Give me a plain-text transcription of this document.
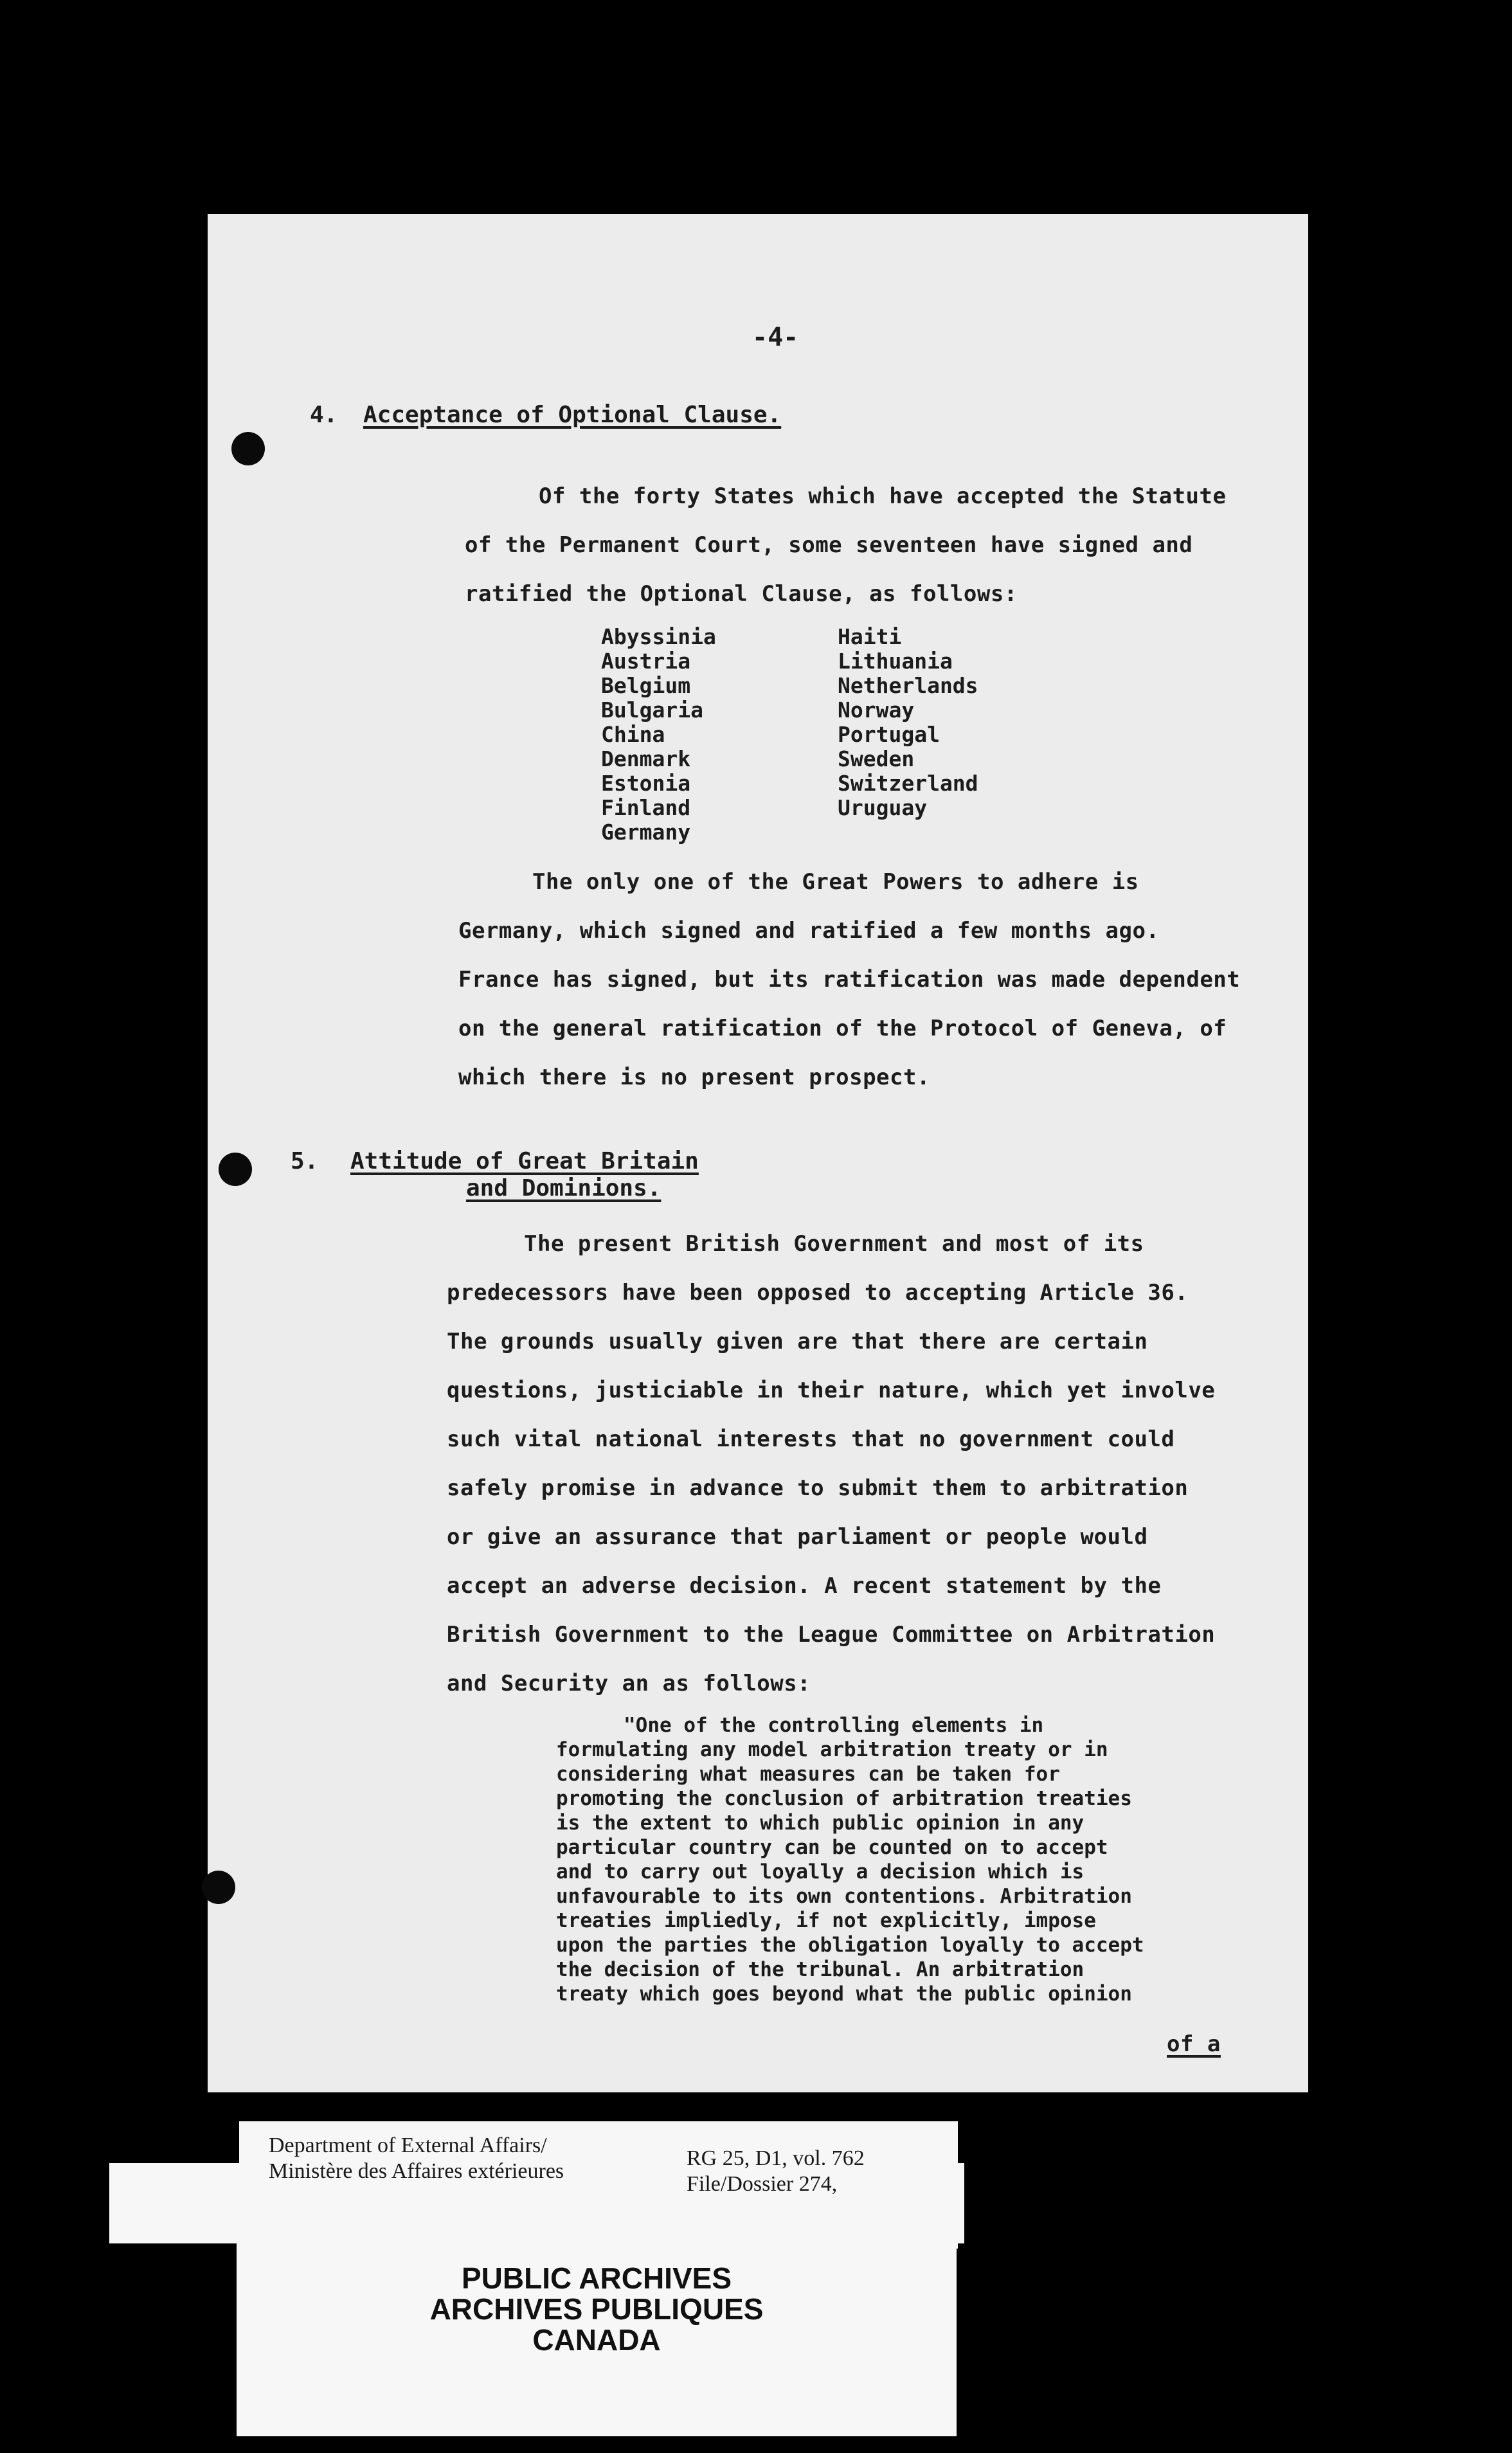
-4-
4. Acceptance of Optional Clause.
Of the forty States which have accepted the Statute
of the Permanent Court, some seventeen have signed and
ratified the Optional Clause, as follows:
Abyssinia
Austria
Belgium
Bulgaria
China
Denmark
Estonia
Finland
Germany
Haiti
Lithuania
Netherlands
Norway
Portugal
Sweden
Switzerland
Uruguay
The only one of the Great Powers to adhere is
Germany, which signed and ratified a few months ago.
France has signed, but its ratification was made dependent
on the general ratification of the Protocol of Geneva, of
which there is no present prospect.
5. Attitude of Great Britain
and Dominions.
The present British Government and most of its
predecessors have been opposed to accepting Article 36.
The grounds usually given are that there are certain
questions, justiciable in their nature, which yet involve
such vital national interests that no government could
safely promise in advance to submit them to arbitration
or give an assurance that parliament or people would
accept an adverse decision. A recent statement by the
British Government to the League Committee on Arbitration
and Security an as follows:
"One of the controlling elements in
formulating any model arbitration treaty or in
considering what measures can be taken for
promoting the conclusion of arbitration treaties
is the extent to which public opinion in any
particular country can be counted on to accept
and to carry out loyally a decision which is
unfavourable to its own contentions. Arbitration
treaties impliedly, if not explicitly, impose
upon the parties the obligation loyally to accept
the decision of the tribunal. An arbitration
treaty which goes beyond what the public opinion
of a
PUBLIC ARCHIVES
ARCHIVES PUBLIQUES
CANADA
Department of External Affairs/
Ministère des Affaires extérieures
RG 25, D1, vol. 762
File/Dossier 274,
